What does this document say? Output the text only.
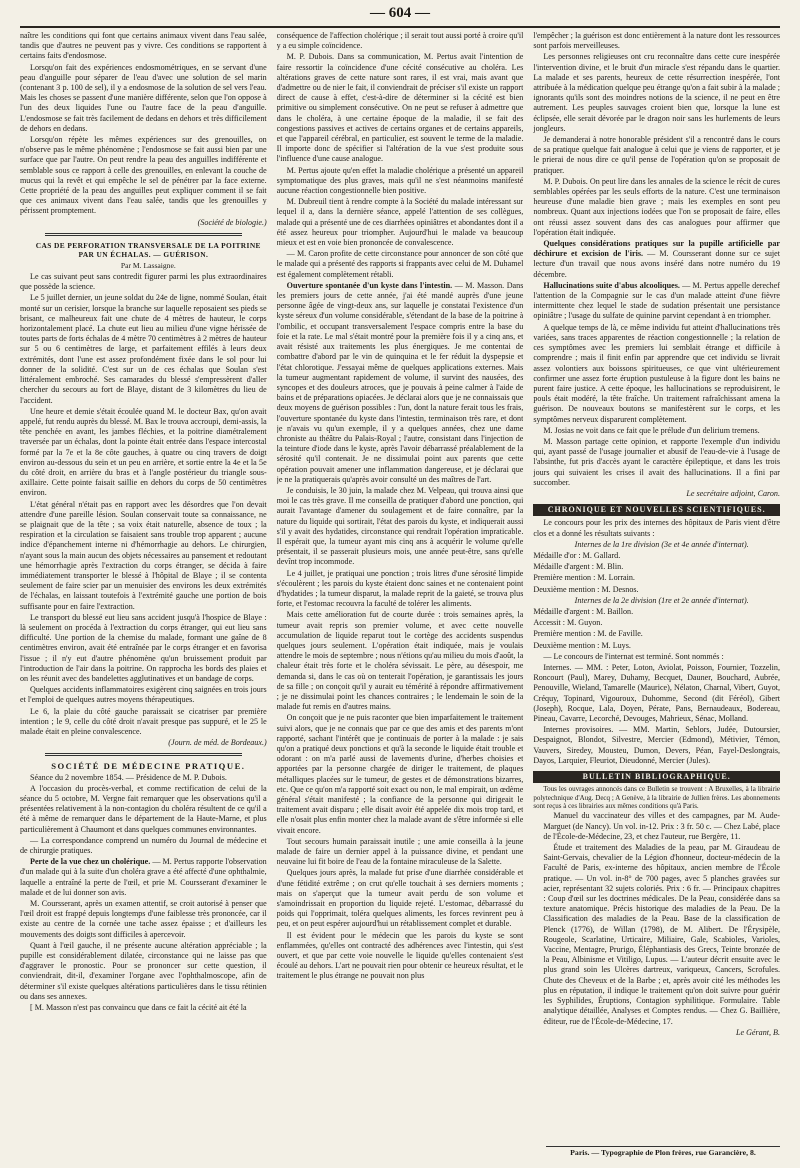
— 604 —

naître les conditions qui font que certains animaux vivent dans l'eau salée, tandis que d'autres ne peuvent pas y vivre. Ces conditions se rapportent à certains faits d'endosmose.

Lorsqu'on fait des expériences endosmométriques, en se servant d'une peau d'anguille pour séparer de l'eau d'avec une solution de sel marin (contenant 3 p. 100 de sel), il y a endosmose de la solution de sel vers l'eau. Mais les choses se passent d'une manière différente, selon que l'on oppose à l'un des deux liquides l'une ou l'autre face de la peau d'anguille. L'endosmose se fait très facilement de dedans en dehors et très difficilement de dehors en dedans.

Lorsqu'on répète les mêmes expériences sur des grenouilles, on n'observe pas le même phénomène ; l'endosmose se fait aussi bien par une surface que par l'autre. On peut rendre la peau des anguilles indifférente et semblable sous ce rapport à celle des grenouilles, en enlevant la couche de mucus qui la revêt et qui empêche le sel de pénétrer par la face externe. Cette propriété de la peau des anguilles peut expliquer comment il se fait que ces animaux vivent dans l'eau salée, tandis que les grenouilles y périssent promptement.

(Société de biologie.)

CAS DE PERFORATION TRANSVERSALE DE LA POITRINE PAR UN ÉCHALAS. — GUÉRISON.

Par M. Lassaigne.

Le cas suivant peut sans contredit figurer parmi les plus extraordinaires que possède la science.

Le 5 juillet dernier, un jeune soldat du 24e de ligne, nommé Soulan, était monté sur un cerisier, lorsque la branche sur laquelle reposaient ses pieds se brisant, ce malheureux fait une chute de 4 mètres de hauteur, le corps horizontalement placé. La chute eut lieu au milieu d'une vigne hérissée de toutes parts de forts échalas de 4 mètre 70 centimètres à 2 mètres de hauteur sur 5 ou 6 centimètres de large, et parfaitement effilés à leurs deux extrémités, dont l'une est assez profondément fixée dans le sol pour lui donner de la solidité. C'est sur un de ces échalas que Soulan s'est littéralement embroché. Ses camarades du blessé s'empressèrent d'aller chercher du secours au fort de Blaye, distant de 3 kilomètres du lieu de l'accident.

Une heure et demie s'était écoulée quand M. le docteur Bax, qu'on avait appelé, fut rendu auprès du blessé. M. Bax le trouva accroupi, demi-assis, la tête penchée en avant, les jambes fléchies, et la poitrine diamétralement traversée par un échalas, dont la pointe était entrée dans l'espace intercostal formé par la 7e et la 8e côte gauches, à quatre ou cinq travers de doigt environ au-dessous du sein et un peu en arrière, et sortie entre la 4e et la 5e du côté droit, en arrière du bras et à l'angle postérieur du triangle sous-axillaire. Cette pointe faisait saillie en dehors du corps de 50 centimètres environ.

L'état général n'était pas en rapport avec les désordres que l'on devait attendre d'une pareille lésion. Soulan conservait toute sa connaissance, ne se plaignait que de la tête ; sa voix était naturelle, absence de toux ; la respiration et la circulation se faisaient sans trouble trop apparent ; aucune indice d'épanchement interne ni d'hémorrhagie au dehors. Le chirurgien, n'ayant sous la main aucun des objets nécessaires au pansement et redoutant une hémorrhagie après l'extraction du corps étranger, se décida à faire immédiatement transporter le blessé à l'hôpital de Blaye ; il se contenta seulement de faire scier par un menuisier des environs les deux extrémités de l'échalas, en laissant toutefois à l'extrémité gauche une portion de bois suffisante pour en faire l'extraction.

Le transport du blessé eut lieu sans accident jusqu'à l'hospice de Blaye : là seulement on procéda à l'extraction du corps étranger, qui eut lieu sans difficulté. Une portion de la chemise du malade, formant une gaîne de 8 centimètres environ, avait été entraînée par le corps étranger et en favorisa l'issue ; il n'y eut d'autre phénomène qu'un bruissement produit par l'introduction de l'air dans la poitrine. On rapprocha les bords des plaies et on les réunit avec des bandelettes agglutinatives et un bandage de corps.

Quelques accidents inflammatoires exigèrent cinq saignées en trois jours et l'emploi de quelques autres moyens thérapeutiques.

Le 6, la plaie du côté gauche paraissait se cicatriser par première intention ; le 9, celle du côté droit n'avait presque pas suppuré, et le 25 le malade était en pleine convalescence.

(Journ. de méd. de Bordeaux.)

SOCIÉTÉ DE MÉDECINE PRATIQUE.

Séance du 2 novembre 1854. — Présidence de M. P. Dubois.

A l'occasion du procès-verbal, et comme rectification de celui de la séance du 5 octobre, M. Vergne fait remarquer que les observations qu'il a présentées relativement à la non-contagion du choléra résultent de ce qu'il a été à même de remarquer dans le département de la Haute-Marne, et plus particulièrement à Chaumont et dans quelques communes environnantes.

— La correspondance comprend un numéro du Journal de médecine et de chirurgie pratiques.

Perte de la vue chez un cholérique. — M. Pertus rapporte l'observation d'un malade qui à la suite d'un choléra grave a été affecté d'une ophthalmie, laquelle a entraîné la perte de l'œil, et prie M. Coursserant d'examiner le malade et de lui donner son avis.

M. Coursserant, après un examen attentif, se croit autorisé à penser que l'œil droit est frappé depuis longtemps d'une faiblesse très prononcée, car il existe au centre de la cornée une tache assez épaisse ; et d'ailleurs les mouvements des doigts sont difficiles à apercevoir.

Quant à l'œil gauche, il ne présente aucune altération appréciable ; la pupille est considérablement dilatée, circonstance qui ne laisse pas que d'aggraver le pronostic. Pour se prononcer sur cette question, il conviendrait, dit-il, d'examiner l'organe avec l'ophthalmoscope, afin de déterminer s'il existe quelques altérations particulières dans le tissu rétinien ou dans ses annexes.

[ M. Masson n'est pas convaincu que dans ce fait la cécité ait été la

conséquence de l'affection cholérique ; il serait tout aussi porté à croire qu'il y a eu simple coïncidence.

M. P. Dubois. Dans sa communication, M. Pertus avait l'intention de faire ressortir la coïncidence d'une cécité consécutive au choléra. Les altérations graves de cette nature sont rares, il est vrai, mais avant que d'admettre ou de nier le fait, il conviendrait de préciser s'il existe un rapport direct de cause à effet, c'est-à-dire de déterminer si la cécité est bien primitive ou simplement consécutive. On ne peut se refuser à admettre que dans le choléra, à une certaine époque de la maladie, il se fait des congestions passives et actives de certains organes et de certains appareils, et que l'appareil cérébral, en particulier, est souvent le terme de la maladie. Il importe donc de spécifier si l'altération de la vue s'est produite sous l'influence d'une cause analogue.

M. Pertus ajoute qu'en effet la maladie cholérique a présenté un appareil symptomatique des plus graves, mais qu'il ne s'est néanmoins manifesté aucune réaction congestionnelle bien positive.

M. Dubreuil tient à rendre compte à la Société du malade intéressant sur lequel il a, dans la dernière séance, appelé l'attention de ses collègues, malade qui a présenté une de ces diarrhées opiniâtres et abondantes dont il a été assez heureux pour triompher. Aujourd'hui le malade va beaucoup mieux et est en voie bien prononcée de convalescence.

— M. Caron profite de cette circonstance pour annoncer de son côté que le malade qui a présenté des rapports si frappants avec celui de M. Duhamel est également complètement rétabli.

Ouverture spontanée d'un kyste dans l'intestin. — M. Masson. Dans les premiers jours de cette année, j'ai été mandé auprès d'une jeune personne âgée de vingt-deux ans, sur laquelle je constatai l'existence d'un kyste séreux d'un volume considérable, s'étendant de la base de la poitrine à l'ombilic, et occupant transversalement l'espace compris entre la base du foie et la rate. Le mal s'était montré pour la première fois il y a cinq ans, et avait résisté aux traitements les plus énergiques. Je me contentai de combattre d'abord par le vin de quinquina et le fer réduit la dyspepsie et l'état chlorotique. J'essayai même de quelques applications externes. Mais la tumeur augmentant rapidement de volume, il survint des nausées, des syncopes et des douleurs atroces, que je pouvais à peine calmer à l'aide de bains et de préparations opiacées. Je déclarai alors que je ne connaissais que deux moyens de guérison possibles : l'un, dont la nature ferait tous les frais, l'ouverture spontanée du kyste dans l'intestin, terminaison très rare, et dont je n'avais vu qu'un exemple, il y a quelques années, chez une dame chroniste au théâtre du Palais-Royal ; l'autre, consistant dans l'injection de la teinture d'iode dans le kyste, après l'avoir débarrassé préalablement de la sérosité qu'il contenait. Je ne dissimulai point aux parents que cette opération pouvait amener une inflammation dangereuse, et je déclarai que je ne la pratiquerais qu'après avoir consulté un des maîtres de l'art.

Je conduisis, le 30 juin, la malade chez M. Velpeau, qui trouva ainsi que moi le cas très grave. Il me conseilla de pratiquer d'abord une ponction, qui aurait l'avantage d'amener du soulagement et de faire connaître, par la nature du liquide qui sortirait, l'état des parois du kyste, et indiquerait aussi s'il y avait des hydatides, circonstance qui rendrait l'opération impraticable. Il espérait que, la tumeur ayant mis cinq ans à acquérir le volume qu'elle présentait, il se passerait plusieurs mois, une année peut-être, sans qu'elle devînt trop incommode.

Le 4 juillet, je pratiquai une ponction ; trois litres d'une sérosité limpide s'écoulèrent ; les parois du kyste étaient donc saines et ne contenaient point d'hydatides ; la tumeur disparut, la malade reprit de la gaieté, se trouva plus forte, et l'estomac recouvra la faculté de tolérer les aliments.

Mais cette amélioration fut de courte durée : trois semaines après, la tumeur avait repris son premier volume, et avec cette nouvelle accumulation de liquide reparut tout le cortège des accidents suspendus quelques jours seulement. L'opération était indiquée, mais je voulais attendre le mois de septembre ; nous n'étions qu'au milieu du mois d'août, la chaleur était très forte et le choléra sévissait. Le père, au désespoir, me demanda si, dans le cas où on tenterait l'opération, je garantissais les jours de sa fille ; on conçoit qu'il y aurait eu témérité à répondre affirmativement ; je ne dissimulai point les chances contraires ; le lendemain le soin de la malade fut remis en d'autres mains.

On conçoit que je ne puis raconter que bien imparfaitement le traitement suivi alors, que je ne connais que par ce que des amis et des parents m'ont rapporté, sachant l'intérêt que je continuais de porter à la malade : je sais qu'on a pratiqué deux ponctions et qu'à la seconde le liquide était trouble et odorant : on m'a parlé aussi de lavements d'urine, d'herbes choisies et apportées par la personne chargée de diriger le traitement, de plaques métalliques placées sur le tumeur, de gestes et de démonstrations bizarres, etc. Que ce qu'on m'a rapporté soit exact ou non, le mal empirait, un œdème général s'était manifesté ; la confiance de la personne qui dirigeait le traitement avait disparu ; elle disait avoir été appelée dix mois trop tard, et elle n'osait plus enfin monter chez la malade avant de s'être informée si elle vivait encore.

Tout secours humain paraissait inutile ; une amie conseilla à la jeune malade de faire un dernier appel à la puissance divine, et pendant une neuvaine lui fit boire de l'eau de la fontaine miraculeuse de la Salette.

Quelques jours après, la malade fut prise d'une diarrhée considérable et d'une fétidité extrême ; on crut qu'elle touchait à ses derniers moments ; mais on s'aperçut que la tumeur avait perdu de son volume et s'amoindrissait en proportion du liquide rejeté. L'estomac, débarrassé du poids qui l'opprimait, toléra quelques aliments, les forces revinrent peu à peu, et on peut espérer aujourd'hui un rétablissement complet et durable.

Il est évident pour le médecin que les parois du kyste se sont enflammées, qu'elles ont contracté des adhérences avec l'intestin, qui s'est ouvert, et que par cette voie nouvelle le liquide qu'elles contenaient s'est écoulé au dehors. L'art ne pouvait rien pour obtenir ce heureux résultat, et le traitement le plus étrange ne pouvait non plus

l'empêcher ; la guérison est donc entièrement à la nature dont les ressources sont parfois merveilleuses.

Les personnes religieuses ont cru reconnaître dans cette cure inespérée l'intervention divine, et le bruit d'un miracle s'est répandu dans le quartier. La malade et ses parents, heureux de cette résurrection inespérée, l'ont attribuée à la médication quelque peu étrange qu'on a fait subir à la malade ; ignorants qu'ils sont des moindres notions de la science, il ne peut en être autrement. Les peuples sauvages croient bien que, lorsque la lune est éclipsée, elle serait dévorée par le dragon noir sans les hurlements de leurs jongleurs.

Je demanderai à notre honorable président s'il a rencontré dans le cours de sa pratique quelque fait analogue à celui que je viens de rapporter, et je le prierai de nous dire ce qu'il pense de l'opération qu'on se proposait de pratiquer.

M. P. Dubois. On peut lire dans les annales de la science le récit de cures semblables opérées par les seuls efforts de la nature. C'est une terminaison heureuse d'une maladie bien grave ; mais les exemples en sont peu nombreux. Quant aux injections iodées que l'on se proposait de faire, elles ont réussi assez souvent dans des cas analogues pour affirmer que l'opération était indiquée.

Quelques considérations pratiques sur la pupille artificielle par déchirure et excision de l'iris. — M. Coursserant donne sur ce sujet lecture d'un travail que nous avons inséré dans notre numéro du 19 décembre.

Hallucinations suite d'abus alcooliques. — M. Pertus appelle derechef l'attention de la Compagnie sur le cas d'un malade atteint d'une fièvre intermittente chez lequel le stade de sudation présentait une persistance opiniâtre ; l'usage du sulfate de quinine parvint cependant à en triompher.

A quelque temps de là, ce même individu fut atteint d'hallucinations très variées, sans traces apparentes de réaction congestionnelle ; la relation de ces symptômes avec les premiers lui semblait étrange et difficile à comprendre ; mais il finit enfin par apprendre que cet individu se livrait assez volontiers aux boissons spiritueuses, ce que vint ultérieurement confirmer une assez forte éruption pustuleuse à la figure dont les bains ne purent faire justice. A cette époque, les hallucinations se reproduisirent, le pouls était modéré, la tête fraîche. Un traitement rafraîchissant amena la guérison. De nouveaux boutons se manifestèrent sur le corps, et les symptômes nerveux disparurent complètement.

M. Josias ne voit dans ce fait que le prélude d'un delirium tremens.

M. Masson partage cette opinion, et rapporte l'exemple d'un individu qui, ayant passé de l'usage journalier et abusif de l'eau-de-vie à l'usage de l'absinthe, fut pris d'accès ayant le caractère épileptique, et dans les trois jours qui suivaient les crises il avait des hallucinations. Il a fini par succomber.

Le secrétaire adjoint, Caron.

CHRONIQUE ET NOUVELLES SCIENTIFIQUES.

Le concours pour les prix des internes des hôpitaux de Paris vient d'être clos et a donné les résultats suivants :

Internes de la 1re division (3e et 4e année d'internat).

Médaille d'or : M. Gallard.

Médaille d'argent : M. Blin.

Première mention : M. Lorrain.

Deuxième mention : M. Desnos.

Internes de la 2e division (1re et 2e année d'internat).

Médaille d'argent : M. Baillon.

Accessit : M. Guyon.

Première mention : M. de Faville.

Deuxième mention : M. Luys.

— Le concours de l'internat est terminé. Sont nommés :

Internes. — MM. : Peter, Loton, Aviolat, Poisson, Fournier, Tozzelin, Roncourt (Paul), Marey, Duhamy, Becquet, Dauner, Bouchard, Aubrée, Penouville, Wieland, Tamarelle (Maurice), Nélaton, Charnal, Vibert, Guyot, Créquy, Topinard, Vigouroux, Duhomme, Second (dit Féréol), Gibert (Joseph), Rocque, Lala, Doyen, Pérate, Pans, Bernaudeaux, Bodereau, Pineau, Cavarre, Lecorché, Devouges, Mahrieux, Sénac, Molland.

Internes provisoires. — MM. Martin, Seblors, Judée, Dutoursier, Despaignot, Blondot, Silvestre, Mercier (Edmond), Métivier, Témon, Vauvers, Siredey, Mousteu, Dumon, Devers, Péan, Fayel-Deslongrais, Dayos, Larquier, Fleuriot, Dieudonné, Mercier (Jules).

BULLETIN BIBLIOGRAPHIQUE.

Tous les ouvrages annoncés dans ce Bulletin se trouvent : A Bruxelles, à la librairie polytechnique d'Aug. Decq ; A Genève, à la librairie de Jullien frères. Les abonnements sont reçus à ces librairies aux mêmes conditions qu'à Paris.

Manuel du vaccinateur des villes et des campagnes, par M. Aude-Marguet (de Nancy). Un vol. in-12. Prix : 3 fr. 50 c. — Chez Labé, place de l'École-de-Médecine, 23, et chez l'auteur, rue Bergère, 11.

Étude et traitement des Maladies de la peau, par M. Giraudeau de Saint-Gervais, chevalier de la Légion d'honneur, docteur-médecin de la Faculté de Paris, ex-interne des hôpitaux, ancien membre de l'École pratique. — Un vol. in-8° de 700 pages, avec 5 planches gravées sur acier, représentant 32 sujets coloriés. Prix : 6 fr. — Principaux chapitres : Coup d'œil sur les doctrines médicales. De la Peau, considérée dans sa texture anatomique. Précis historique des maladies de la Peau. De la Classification des maladies de la Peau. Base de la classification de Plenck (1776), de Willan (1798), de M. Alibert. De l'Érysipèle, Rougeole, Scarlatine, Urticaire, Miliaire, Gale, Scabioles, Varioles, Vaccine, Mentagre, Prurigo, Éléphantiasis des Grecs, Teinte bronzée de la Peau, Albinisme et Vitiligo, Lupus. — L'auteur décrit ensuite avec le plus grand soin les Ulcères dartreux, variqueux, Cancers, Scrofules. Chute des Cheveux et de la Barbe ; et, après avoir cité les méthodes les plus en réputation, il indique le traitement qu'on doit suivre pour guérir les Syphilides, Éruptions, Contagion syphilitique. Formulaire. Table analytique détaillée, Analyses et Comptes rendus. — Chez G. Baillière, éditeur, rue de l'École-de-Médecine, 17.

Le Gérant, B.

Paris. — Typographie de Plon frères, rue Garancière, 8.
